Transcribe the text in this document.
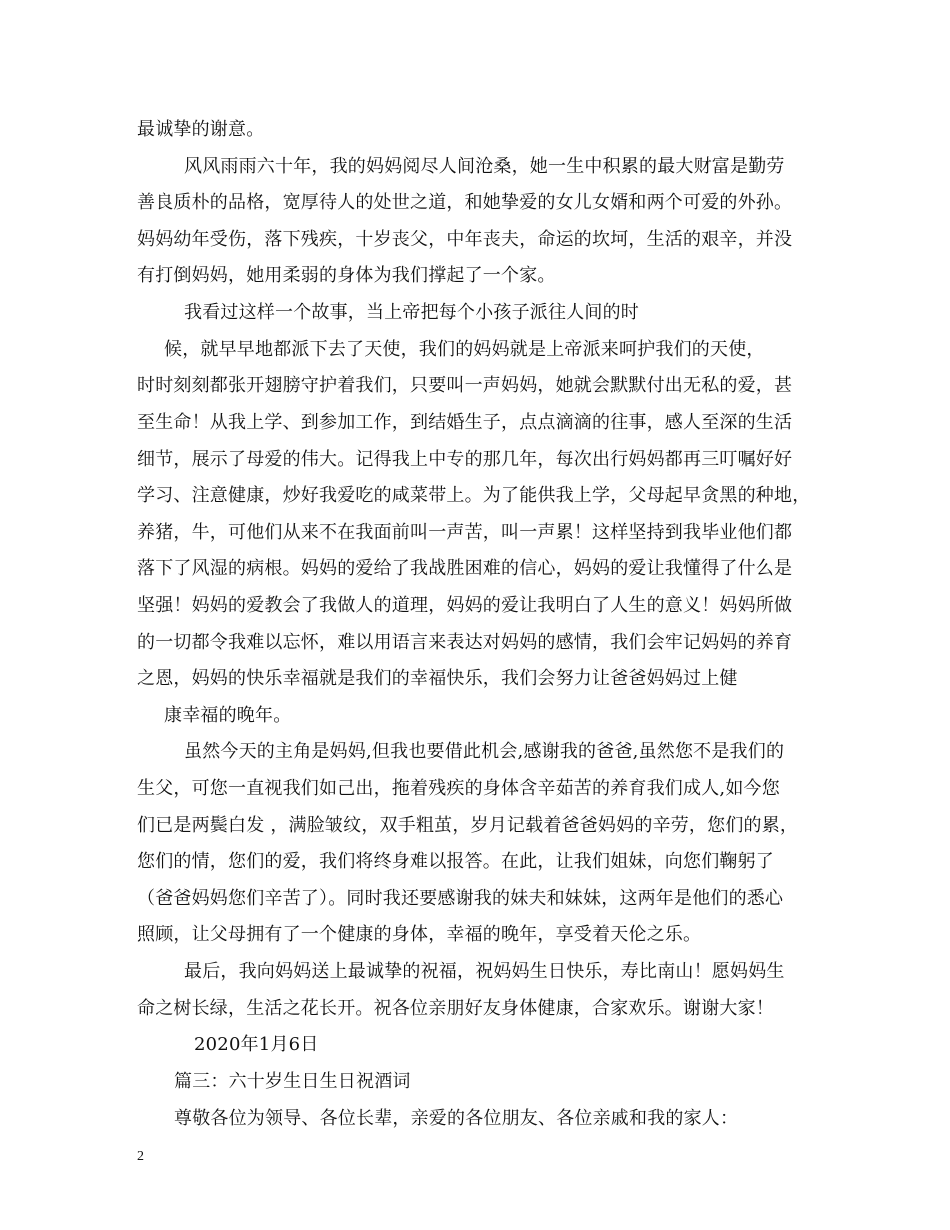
最诚挚的谢意。
风风雨雨六十年，我的妈妈阅尽人间沧桑，她一生中积累的最大财富是勤劳
善良质朴的品格，宽厚待人的处世之道，和她挚爱的女儿女婿和两个可爱的外孙。
妈妈幼年受伤，落下残疾，十岁丧父，中年丧夫，命运的坎坷，生活的艰辛，并没
有打倒妈妈，她用柔弱的身体为我们撑起了一个家。
我看过这样一个故事，当上帝把每个小孩子派往人间的时
候，就早早地都派下去了天使，我们的妈妈就是上帝派来呵护我们的天使，
时时刻刻都张开翅膀守护着我们，只要叫一声妈妈，她就会默默付出无私的爱，甚
至生命！从我上学、到参加工作，到结婚生子，点点滴滴的往事，感人至深的生活
细节，展示了母爱的伟大。记得我上中专的那几年，每次出行妈妈都再三叮嘱好好
学习、注意健康，炒好我爱吃的咸菜带上。为了能供我上学，父母起早贪黑的种地，
养猪，牛，可他们从来不在我面前叫一声苦，叫一声累！这样坚持到我毕业他们都
落下了风湿的病根。妈妈的爱给了我战胜困难的信心，妈妈的爱让我懂得了什么是
坚强！妈妈的爱教会了我做人的道理，妈妈的爱让我明白了人生的意义！妈妈所做
的一切都令我难以忘怀，难以用语言来表达对妈妈的感情，我们会牢记妈妈的养育
之恩，妈妈的快乐幸福就是我们的幸福快乐，我们会努力让爸爸妈妈过上健
康幸福的晚年。
虽然今天的主角是妈妈,但我也要借此机会,感谢我的爸爸,虽然您不是我们的
生父，可您一直视我们如己出，拖着残疾的身体含辛茹苦的养育我们成人,如今您
们已是两鬓白发 ，满脸皱纹，双手粗茧，岁月记载着爸爸妈妈的辛劳，您们的累，
您们的情，您们的爱，我们将终身难以报答。在此，让我们姐妹，向您们鞠躬了
（爸爸妈妈您们辛苦了）。同时我还要感谢我的妹夫和妹妹，这两年是他们的悉心
照顾，让父母拥有了一个健康的身体，幸福的晚年，享受着天伦之乐。
最后，我向妈妈送上最诚挚的祝福，祝妈妈生日快乐，寿比南山！愿妈妈生
命之树长绿，生活之花长开。祝各位亲朋好友身体健康，合家欢乐。谢谢大家！
2020年1月6日
篇三：六十岁生日生日祝酒词
尊敬各位为领导、各位长辈，亲爱的各位朋友、各位亲戚和我的家人：
2
